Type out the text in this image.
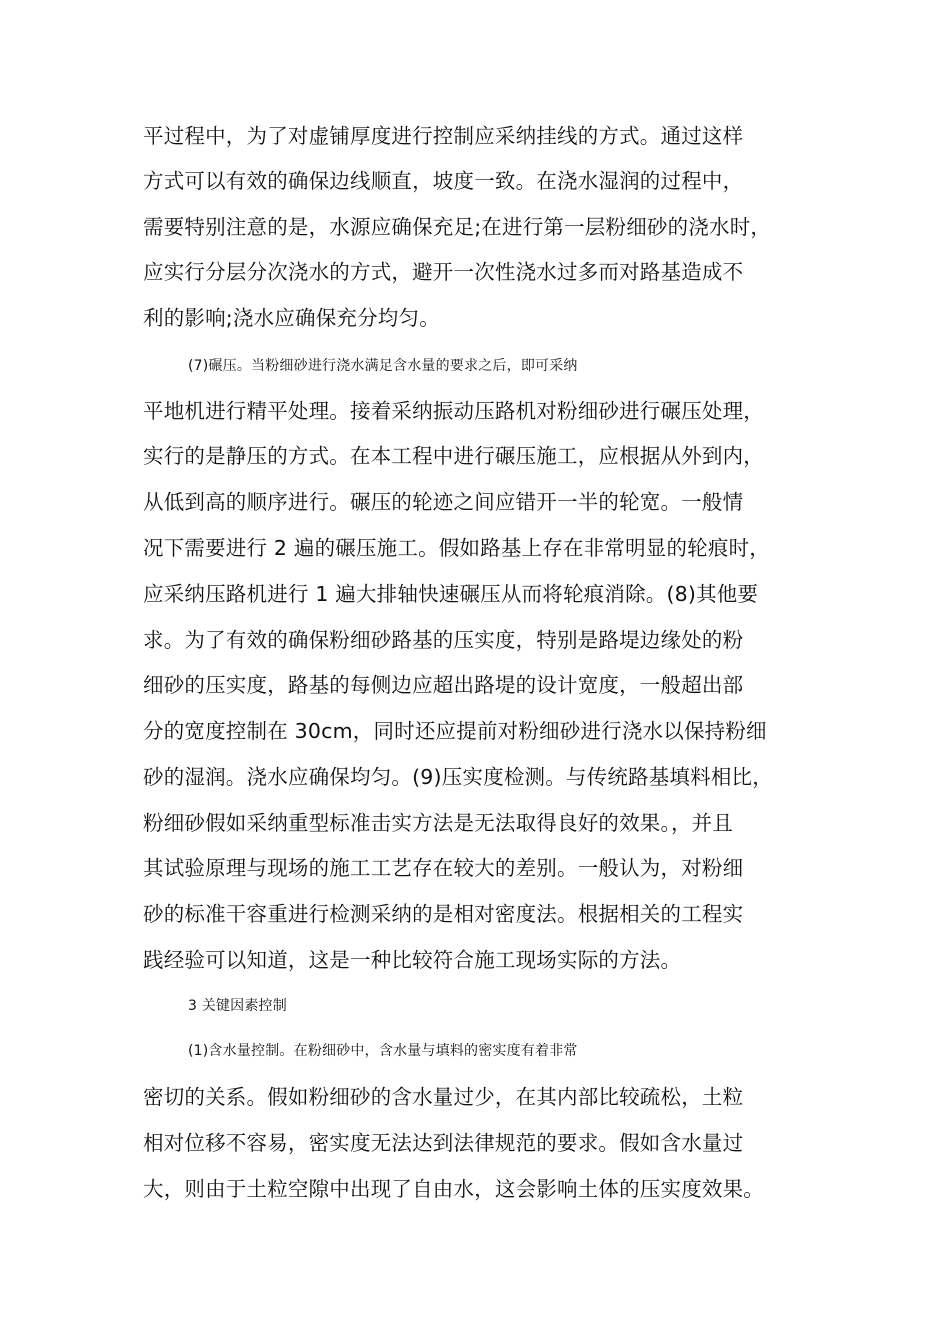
平过程中，为了对虚铺厚度进行控制应采纳挂线的方式。通过这样
方式可以有效的确保边线顺直，坡度一致。在浇水湿润的过程中，
需要特别注意的是，水源应确保充足;在进行第一层粉细砂的浇水时，
应实行分层分次浇水的方式，避开一次性浇水过多而对路基造成不
利的影响;浇水应确保充分均匀。
(7)碾压。当粉细砂进行浇水满足含水量的要求之后，即可采纳
平地机进行精平处理。接着采纳振动压路机对粉细砂进行碾压处理，
实行的是静压的方式。在本工程中进行碾压施工，应根据从外到内，
从低到高的顺序进行。碾压的轮迹之间应错开一半的轮宽。一般情
况下需要进行 2 遍的碾压施工。假如路基上存在非常明显的轮痕时，
应采纳压路机进行 1 遍大排轴快速碾压从而将轮痕消除。(8)其他要
求。为了有效的确保粉细砂路基的压实度，特别是路堤边缘处的粉
细砂的压实度，路基的每侧边应超出路堤的设计宽度，一般超出部
分的宽度控制在 30cm，同时还应提前对粉细砂进行浇水以保持粉细
砂的湿润。浇水应确保均匀。(9)压实度检测。与传统路基填料相比，
粉细砂假如采纳重型标准击实方法是无法取得良好的效果。，并且
其试验原理与现场的施工工艺存在较大的差别。一般认为，对粉细
砂的标准干容重进行检测采纳的是相对密度法。根据相关的工程实
践经验可以知道，这是一种比较符合施工现场实际的方法。
3 关键因素控制
(1)含水量控制。在粉细砂中，含水量与填料的密实度有着非常
密切的关系。假如粉细砂的含水量过少，在其内部比较疏松，土粒
相对位移不容易，密实度无法达到法律规范的要求。假如含水量过
大，则由于土粒空隙中出现了自由水，这会影响土体的压实度效果。
